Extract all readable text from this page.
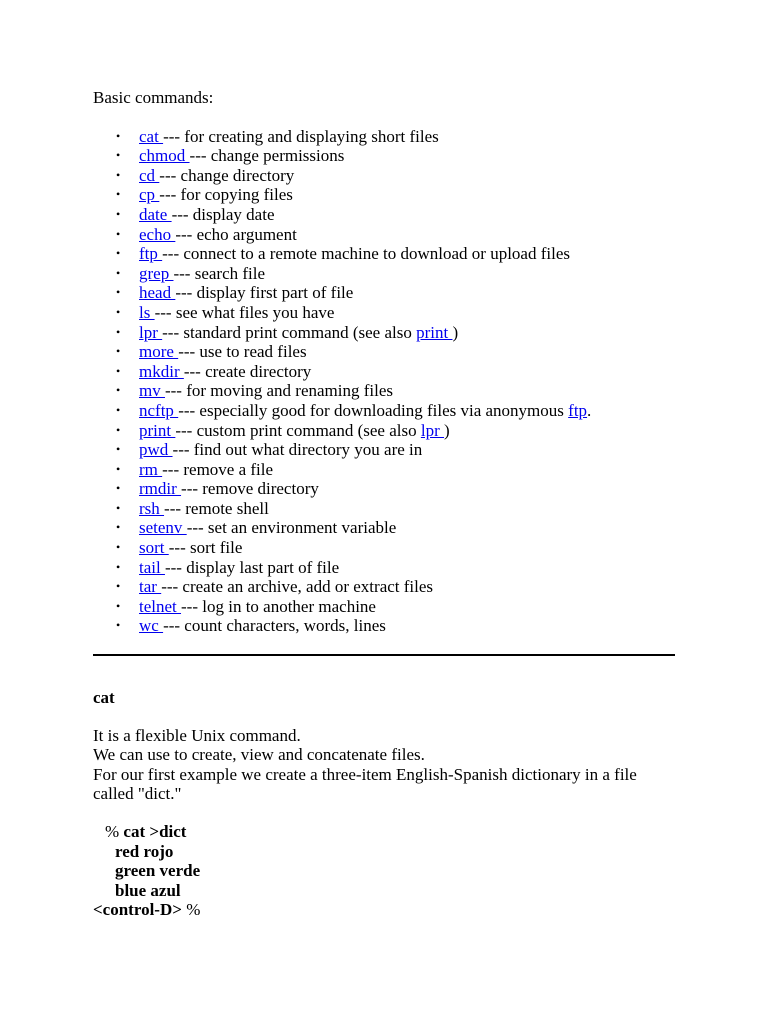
Basic commands:

• cat --- for creating and displaying short files
• chmod --- change permissions
• cd --- change directory
• cp --- for copying files
• date --- display date
• echo --- echo argument
• ftp --- connect to a remote machine to download or upload files
• grep --- search file
• head --- display first part of file
• ls --- see what files you have
• lpr --- standard print command (see also print )
• more --- use to read files
• mkdir --- create directory
• mv --- for moving and renaming files
• ncftp --- especially good for downloading files via anonymous ftp.
• print --- custom print command (see also lpr )
• pwd --- find out what directory you are in
• rm --- remove a file
• rmdir --- remove directory
• rsh --- remote shell
• setenv --- set an environment variable
• sort --- sort file
• tail --- display last part of file
• tar --- create an archive, add or extract files
• telnet --- log in to another machine
• wc --- count characters, words, lines
cat
It is a flexible Unix command.
We can use to create, view and concatenate files.
For our first example we create a three-item English-Spanish dictionary in a file called "dict."
% cat >dict
red rojo
green verde
blue azul
<control-D> %
